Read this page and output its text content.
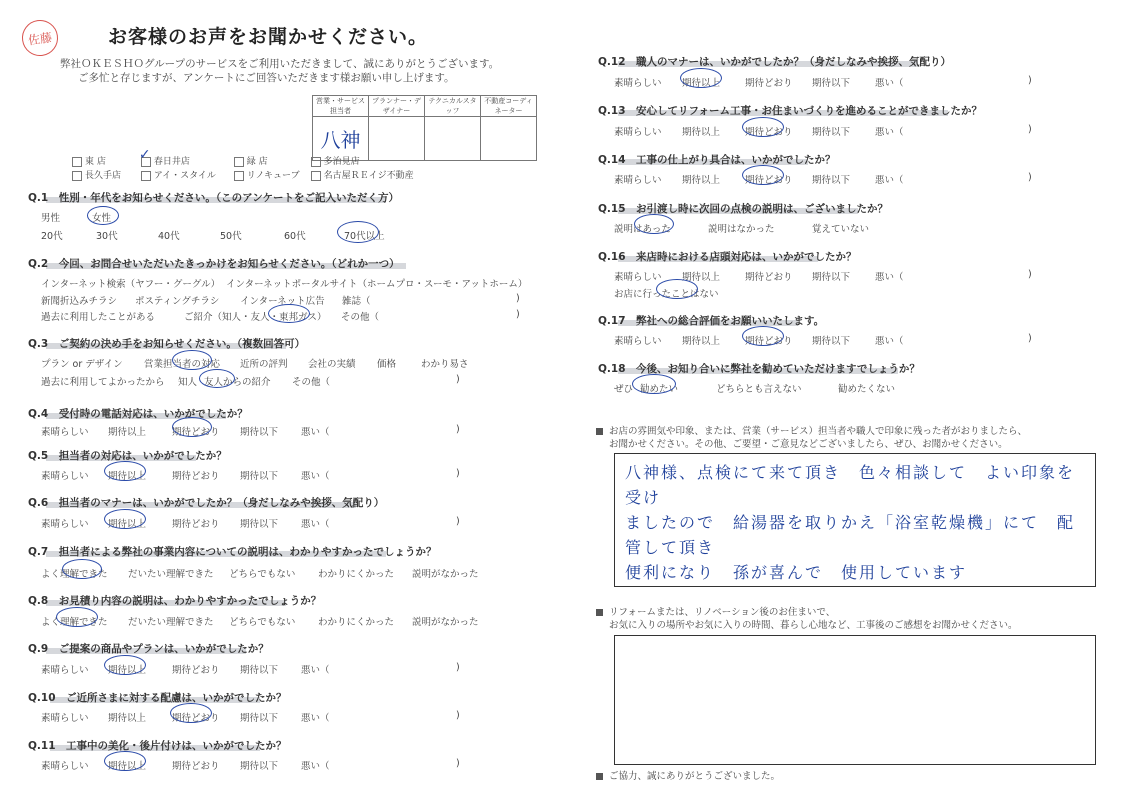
佐藤	お客様のお声をお聞かせください。
弊社ＯＫＥＳＨＯグループのサービスをご利用いただきまして、誠にありがとうございます。
ご多忙と存じますが、アンケートにご回答いただきます様お願い申し上げます。
営業・サービス担当者	プランナー・デザイナー	テクニカルスタッフ	不動産コーディネーター
八神			
東 店 ✓ 春日井店	緑 店	多治見店
長久手店	アイ・スタイル	リノキューブ	名古屋ＲＥイジ不動産
Q.1　性別・年代をお知らせください。（このアンケートをご記入いただく方）
男性	女性
20代	30代	40代	50代	60代	70代以上
Q.2　今回、お問合せいただいたきっかけをお知らせください。（どれか一つ）
インターネット検索（ヤフー・グーグル） インターネットポータルサイト（ホームプロ・スーモ・アットホーム）
新聞折込みチラシ ポスティングチラシ インターネット広告 雑誌（	)
過去に利用したことがある	ご紹介（知人・友人・東邦ガス） その他（	)
Q.3　ご契約の決め手をお知らせください。（複数回答可）
プラン or デザイン 営業担当者の対応 近所の評判 会社の実績 価格	わかり易さ
過去に利用してよかったから 知人 友人からの紹介 その他（	)
Q.4　受付時の電話対応は、いかがでしたか？
素晴らしい 期待以上	期待どおり 期待以下 悪い（	)
Q.5　担当者の対応は、いかがでしたか？
素晴らしい 期待以上	期待どおり 期待以下 悪い（	)
Q.6　担当者のマナーは、いかがでしたか？（身だしなみや挨拶、気配り）
素晴らしい 期待以上	期待どおり 期待以下 悪い（	)
Q.7　担当者による弊社の事業内容についての説明は、わかりやすかったでしょうか？
よく理解できた だいたい理解できた どちらでもない わかりにくかった 説明がなかった
Q.8　お見積り内容の説明は、わかりやすかったでしょうか？
よく理解できた だいたい理解できた どちらでもない わかりにくかった 説明がなかった
Q.9　ご提案の商品やプランは、いかがでしたか？
素晴らしい 期待以上	期待どおり 期待以下 悪い（	)
Q.10　ご近所さまに対する配慮は、いかがでしたか？
素晴らしい 期待以上	期待どおり 期待以下 悪い（	)
Q.11　工事中の美化・後片付けは、いかがでしたか？
素晴らしい 期待以上	期待どおり 期待以下 悪い（	)
Q.12　職人のマナーは、いかがでしたか？（身だしなみや挨拶、気配り）
素晴らしい 期待以上	期待どおり 期待以下	悪い（	)
Q.13　安心してリフォーム工事・お住まいづくりを進めることができましたか？
素晴らしい 期待以上	期待どおり 期待以下	悪い（	)
Q.14　工事の仕上がり具合は、いかがでしたか？
素晴らしい 期待以上	期待どおり 期待以下	悪い（	)
Q.15　お引渡し時に次回の点検の説明は、ございましたか？
説明はあった	説明はなかった	覚えていない
Q.16　来店時における店頭対応は、いかがでしたか？
素晴らしい 期待以上	期待どおり 期待以下	悪い（	)
お店に行ったことはない
Q.17　弊社への総合評価をお願いいたします。
素晴らしい 期待以上	期待どおり 期待以下	悪い（	)
Q.18　今後、お知り合いに弊社を勧めていただけますでしょうか？
ぜひ 勧めたい	どちらとも言えない	勧めたくない
お店の雰囲気や印象、または、営業（サービス）担当者や職人で印象に残った者がおりましたら、
お聞かせください。その他、ご要望・ご意見などございましたら、ぜひ、お聞かせください。
八神様、点検にて来て頂き　色々相談して　よい印象を受け
ましたので　給湯器を取りかえ「浴室乾燥機」にて　配管して頂き
便利になり　孫が喜んで　使用しています
リフォームまたは、リノベーション後のお住まいで、
お気に入りの場所やお気に入りの時間、暮らし心地など、工事後のご感想をお聞かせください。
ご協力、誠にありがとうございました。
